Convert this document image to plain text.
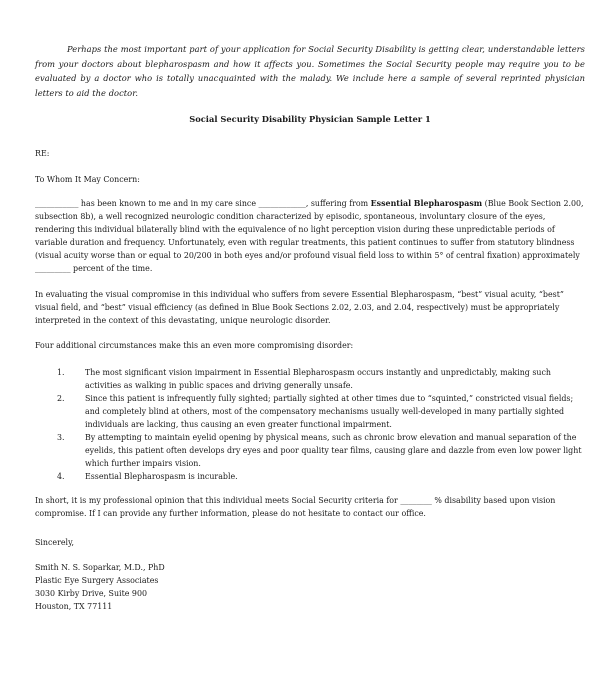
Perhaps the most important part of your application for Social Security Disability is getting clear, understandable letters from your doctors about blepharospasm and how it affects you. Sometimes the Social Security people may require you to be evaluated by a doctor who is totally unacquainted with the malady. We include here a sample of several reprinted physician letters to aid the doctor.

Social Security Disability Physician Sample Letter 1

RE:

To Whom It May Concern:

___________ has been known to me and in my care since ____________, suffering from Essential Blepharospasm (Blue Book Section 2.00, subsection 8b), a well recognized neurologic condition characterized by episodic, spontaneous, involuntary closure of the eyes, rendering this individual bilaterally blind with the equivalence of no light perception vision during these unpredictable periods of variable duration and frequency. Unfortunately, even with regular treatments, this patient continues to suffer from statutory blindness (visual acuity worse than or equal to 20/200 in both eyes and/or profound visual field loss to within 5° of central fixation) approximately _________ percent of the time.

In evaluating the visual compromise in this individual who suffers from severe Essential Blepharospasm, “best” visual acuity, “best” visual field, and “best” visual efficiency (as defined in Blue Book Sections 2.02, 2.03, and 2.04, respectively) must be appropriately interpreted in the context of this devastating, unique neurologic disorder.

Four additional circumstances make this an even more compromising disorder:

1.	The most significant vision impairment in Essential Blepharospasm occurs instantly and unpredictably, making such activities as walking in public spaces and driving generally unsafe.
2.	Since this patient is infrequently fully sighted; partially sighted at other times due to “squinted,” constricted visual fields; and completely blind at others, most of the compensatory mechanisms usually well-developed in many partially sighted individuals are lacking, thus causing an even greater functional impairment.
3.	By attempting to maintain eyelid opening by physical means, such as chronic brow elevation and manual separation of the eyelids, this patient often develops dry eyes and poor quality tear films, causing glare and dazzle from even low power light which further impairs vision.
4.	Essential Blepharospasm is incurable.

In short, it is my professional opinion that this individual meets Social Security criteria for ________ % disability based upon vision compromise. If I can provide any further information, please do not hesitate to contact our office.

Sincerely,

Smith N. S. Soparkar, M.D., PhD
Plastic Eye Surgery Associates
3030 Kirby Drive, Suite 900
Houston, TX 77111
